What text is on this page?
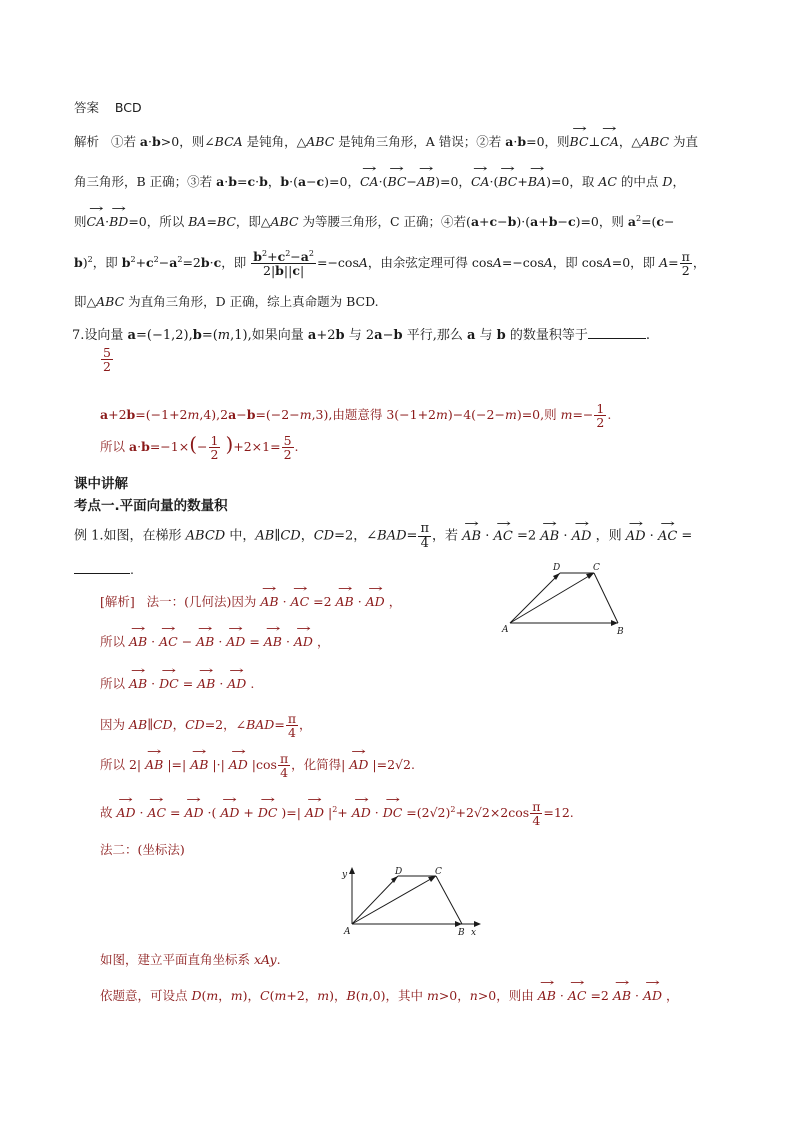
答案 BCD
解析 ①若 a·b>0，则∠BCA 是钝角，△ABC 是钝角三角形，A 错误；②若 a·b=0，则→ BC⊥→ CA，△ABC 为直
角三角形，B 正确；③若 a·b=c·b，b·(a−c)=0，→ CA·(→ BC−→ AB)=0，→ CA·(→ BC+→ BA)=0，取 AC 的中点 D，
则→ CA·→ BD=0，所以 BA=BC，即△ABC 为等腰三角形，C 正确；④若(a+c−b)·(a+b−c)=0，则 $a^2=(c-$
b)$^2$，即 $b^2+c^2-a^2=2b\cdot c$，即 $\frac{b^2+c^2-a^2}{2|b||c|} =-\cos A$，由余弦定理可得 cosA=−cosA，即 cosA=0，即 $A= \frac{\pi}{2}$ ，
即△ABC 为直角三角形，D 正确，综上真命题为 BCD.
7.设向量 a=(−1,2),b=(m,1),如果向量 a+2b 与 2a−b 平行,那么 a 与 b 的数量积等于	.
$\frac{5}{2}$
a+2b=(−1+2m,4),2a−b=(−2−m,3),由题意得 3(−1+2m)−4(−2−m)=0,则 $m=- \frac{1}{2}$ .
所以 $a\cdot b=-1\times(- \frac{1}{2} )+2\times 1= \frac{5}{2}$ .
课中讲解
考点一.平面向量的数量积
例 1.如图，在梯形 ABCD 中，AB∥CD，CD=2，∠BAD= $\frac{\pi}{4}$ ，若 → AB · → AC =2 → AB · → AD ，则 → AD · → AC =
.
A	B
C
D
[解析]   法一：(几何法)因为 → AB · → AC =2 → AB · → AD ，
所以 → AB · → AC − → AB · → AD = → AB · → AD ，
所以 → AB · → DC = → AB · → AD .
因为 AB∥CD，CD=2，∠BAD= $\frac{\pi}{4}$ ，
所以 2| → AB |=| → AB |·| → AD $|\cos \frac{\pi}{4}$ ，化简得| → AD |=2√2.
故 → AD · → AC = → AD ·( → AD + → DC )=| → AD $|^2+$ → AD · → DC $=(2√2)^2+2√2\times 2\cos \frac{\pi}{4} =12$.
法二：(坐标法)
y
x
A	B
C
D
如图，建立平面直角坐标系 xAy.
依题意，可设点 D(m，m)，C(m+2，m)，B(n,0)，其中 m>0，n>0，则由 → AB · → AC =2 → AB · → AD ，
